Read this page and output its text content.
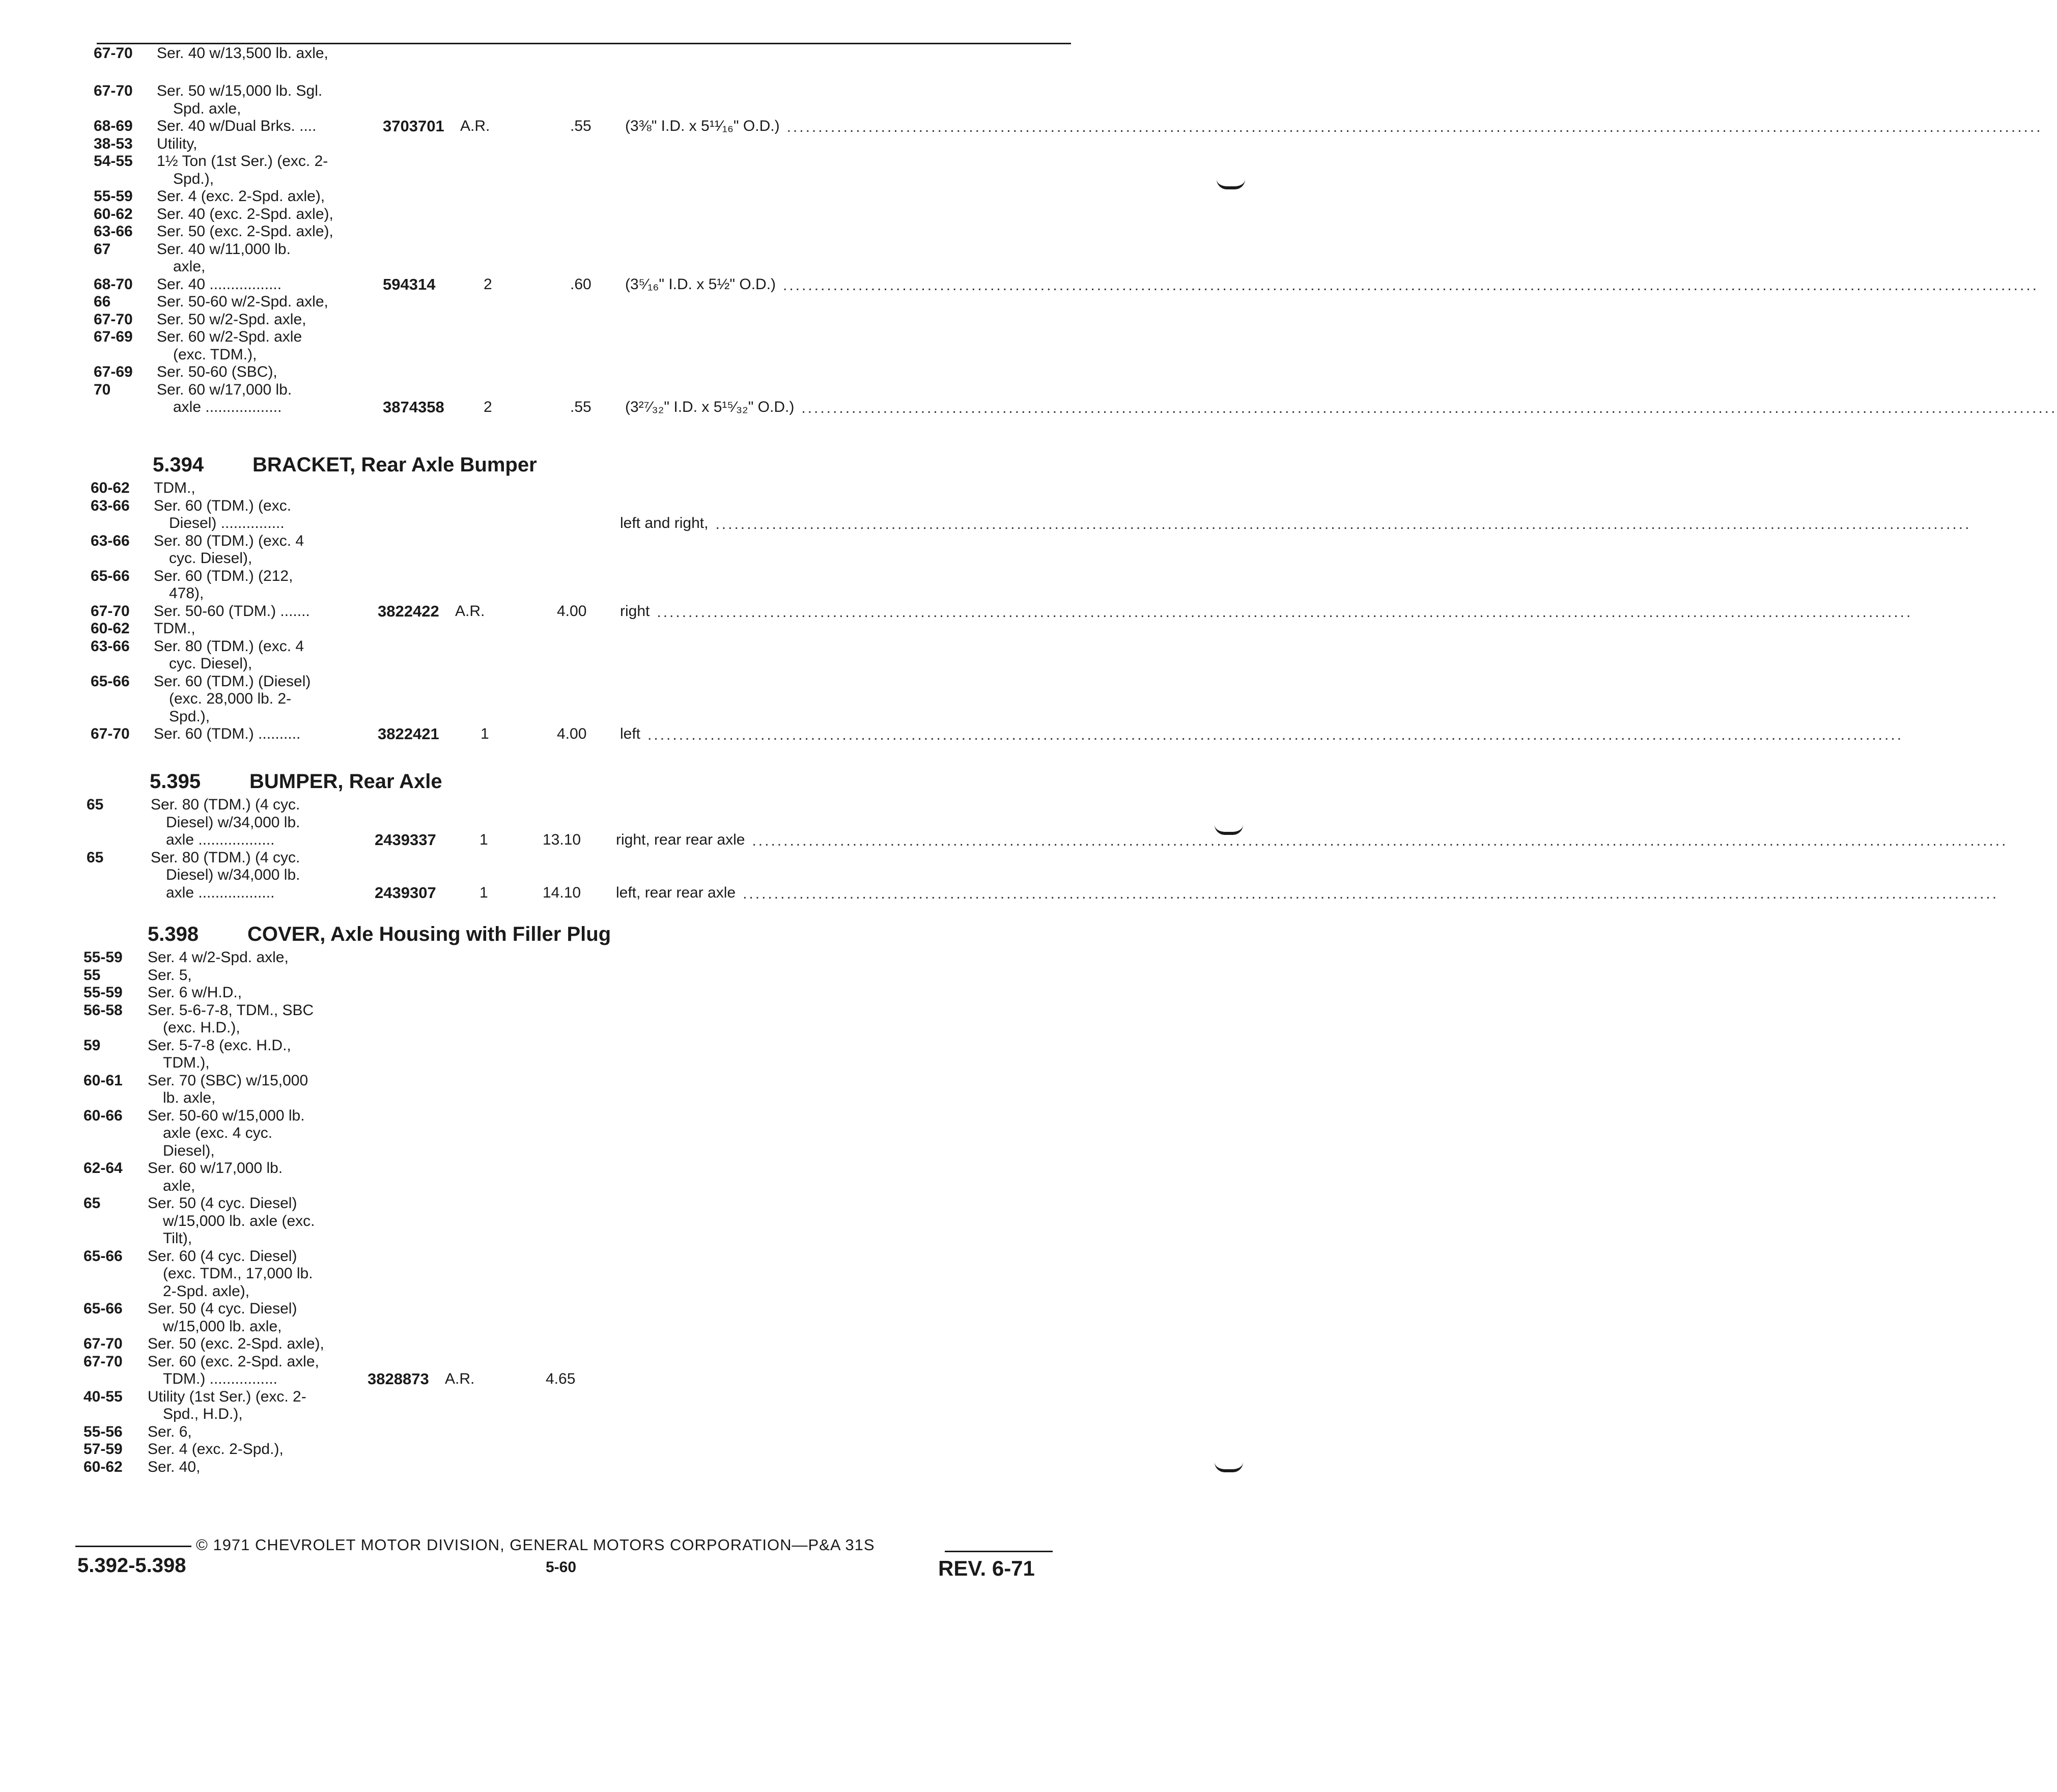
67-70 Ser. 40 w/13,500 lb. axle,
67-70 Ser. 50 w/15,000 lb. Sgl.
Spd. axle,
68-69 Ser. 40 w/Dual Brks. ....	3703701 A.R.	.55 (3⅜" I.D. x 5¹¹⁄₁₆" O.D.) ........................................................................................................................................................................................................
38-53 Utility,
54-55 1½ Ton (1st Ser.) (exc. 2-
Spd.),
55-59 Ser. 4 (exc. 2-Spd. axle),
60-62 Ser. 40 (exc. 2-Spd. axle),
63-66 Ser. 50 (exc. 2-Spd. axle),
67	Ser. 40 w/11,000 lb.
axle,
68-70 Ser. 40 .................	594314	2	.60 (3⁵⁄₁₆" I.D. x 5½" O.D.) ........................................................................................................................................................................................................
66	Ser. 50-60 w/2-Spd. axle,
67-70 Ser. 50 w/2-Spd. axle,
67-69 Ser. 60 w/2-Spd. axle
(exc. TDM.),
67-69 Ser. 50-60 (SBC),
70	Ser. 60 w/17,000 lb.
axle ..................	3874358	2	.55 (3²⁷⁄₃₂" I.D. x 5¹⁵⁄₃₂" O.D.) ........................................................................................................................................................................................................
5.394 BRACKET, Rear Axle Bumper
60-62 TDM.,
63-66 Ser. 60 (TDM.) (exc.
Diesel) ...............	left and right, ........................................................................................................................................................................................................
63-66 Ser. 80 (TDM.) (exc. 4
cyc. Diesel),
65-66 Ser. 60 (TDM.) (212,
478),
67-70 Ser. 50-60 (TDM.) .......	3822422 A.R.	4.00 right ........................................................................................................................................................................................................
60-62 TDM.,
63-66 Ser. 80 (TDM.) (exc. 4
cyc. Diesel),
65-66 Ser. 60 (TDM.) (Diesel)
(exc. 28,000 lb. 2-
Spd.),
67-70 Ser. 60 (TDM.) ..........	3822421	1	4.00 left ........................................................................................................................................................................................................
5.395 BUMPER, Rear Axle
65	Ser. 80 (TDM.) (4 cyc.
Diesel) w/34,000 lb.
axle ..................	2439337	1	13.10 right, rear rear axle ........................................................................................................................................................................................................
65	Ser. 80 (TDM.) (4 cyc.
Diesel) w/34,000 lb.
axle ..................	2439307	1	14.10 left, rear rear axle ........................................................................................................................................................................................................
5.398 COVER, Axle Housing with Filler Plug
55-59 Ser. 4 w/2-Spd. axle,
55	Ser. 5,
55-59 Ser. 6 w/H.D.,
56-58 Ser. 5-6-7-8, TDM., SBC
(exc. H.D.),
59	Ser. 5-7-8 (exc. H.D.,
TDM.),
60-61 Ser. 70 (SBC) w/15,000
lb. axle,
60-66 Ser. 50-60 w/15,000 lb.
axle (exc. 4 cyc.
Diesel),
62-64 Ser. 60 w/17,000 lb.
axle,
65	Ser. 50 (4 cyc. Diesel)
w/15,000 lb. axle (exc.
Tilt),
65-66 Ser. 60 (4 cyc. Diesel)
(exc. TDM., 17,000 lb.
2-Spd. axle),
65-66 Ser. 50 (4 cyc. Diesel)
w/15,000 lb. axle,
67-70 Ser. 50 (exc. 2-Spd. axle),
67-70 Ser. 60 (exc. 2-Spd. axle,
TDM.) ................	3828873 A.R.	4.65
40-55 Utility (1st Ser.) (exc. 2-
Spd., H.D.),
55-56 Ser. 6,
57-59 Ser. 4 (exc. 2-Spd.),
60-62 Ser. 40,
© 1971 CHEVROLET MOTOR DIVISION, GENERAL MOTORS CORPORATION—P&A 31S
5.392-5.398	5-60	REV. 6-71
